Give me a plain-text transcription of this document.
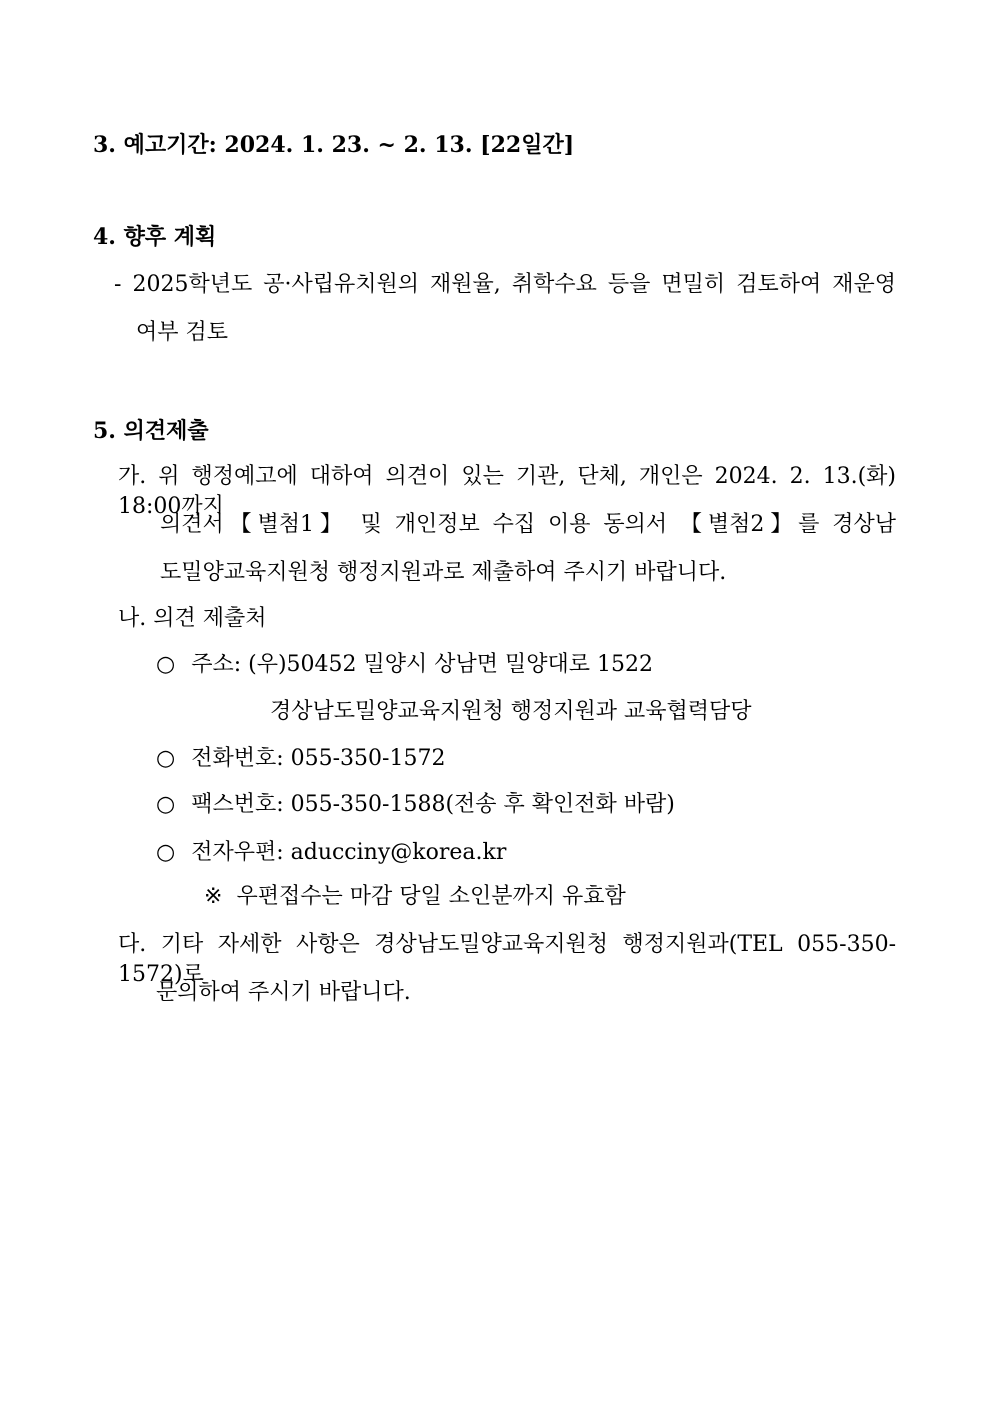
3. 예고기간: 2024. 1. 23. ~ 2. 13. [22일간]
4. 향후 계획
- 2025학년도 공·사립유치원의 재원율, 취학수요 등을 면밀히 검토하여 재운영
여부 검토
5. 의견제출
가. 위 행정예고에 대하여 의견이 있는 기관, 단체, 개인은 2024. 2. 13.(화) 18:00까지
의견서【별첨1】 및 개인정보 수집 이용 동의서 【별첨2】를 경상남
도밀양교육지원청 행정지원과로 제출하여 주시기 바랍니다.
나. 의견 제출처
○ 주소: (우)50452 밀양시 상남면 밀양대로 1522
경상남도밀양교육지원청 행정지원과 교육협력담당
○ 전화번호: 055-350-1572
○ 팩스번호: 055-350-1588(전송 후 확인전화 바람)
○ 전자우편: aducciny@korea.kr
※ 우편접수는 마감 당일 소인분까지 유효함
다. 기타 자세한 사항은 경상남도밀양교육지원청 행정지원과(TEL 055-350-1572)로
문의하여 주시기 바랍니다.
